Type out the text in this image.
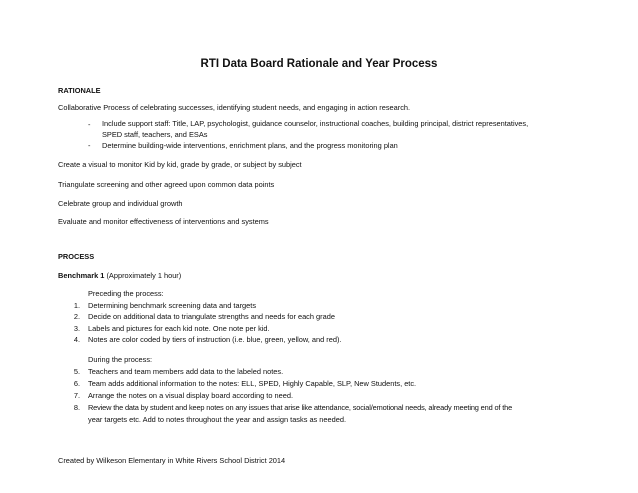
RTI Data Board Rationale and Year Process
RATIONALE
Collaborative Process of celebrating successes, identifying student needs, and engaging in action research.
- Include support staff: Title, LAP, psychologist, guidance counselor, instructional coaches, building principal, district representatives, SPED staff, teachers, and ESAs
- Determine building-wide interventions, enrichment plans, and the progress monitoring plan
Create a visual to monitor Kid by kid, grade by grade, or subject by subject
Triangulate screening and other agreed upon common data points
Celebrate group and individual growth
Evaluate and monitor effectiveness of interventions and systems
PROCESS
Benchmark 1 (Approximately 1 hour)
Preceding the process:
1. Determining benchmark screening data and targets
2. Decide on additional data to triangulate strengths and needs for each grade
3. Labels and pictures for each kid note. One note per kid.
4. Notes are color coded by tiers of instruction (i.e. blue, green, yellow, and red).
During the process:
5. Teachers and team members add data to the labeled notes.
6. Team adds additional information to the notes: ELL, SPED, Highly Capable, SLP, New Students, etc.
7. Arrange the notes on a visual display board according to need.
8. Review the data by student and keep notes on any issues that arise like attendance, social/emotional needs, already meeting end of the
year targets etc. Add to notes throughout the year and assign tasks as needed.
Created by Wilkeson Elementary in White Rivers School District 2014
